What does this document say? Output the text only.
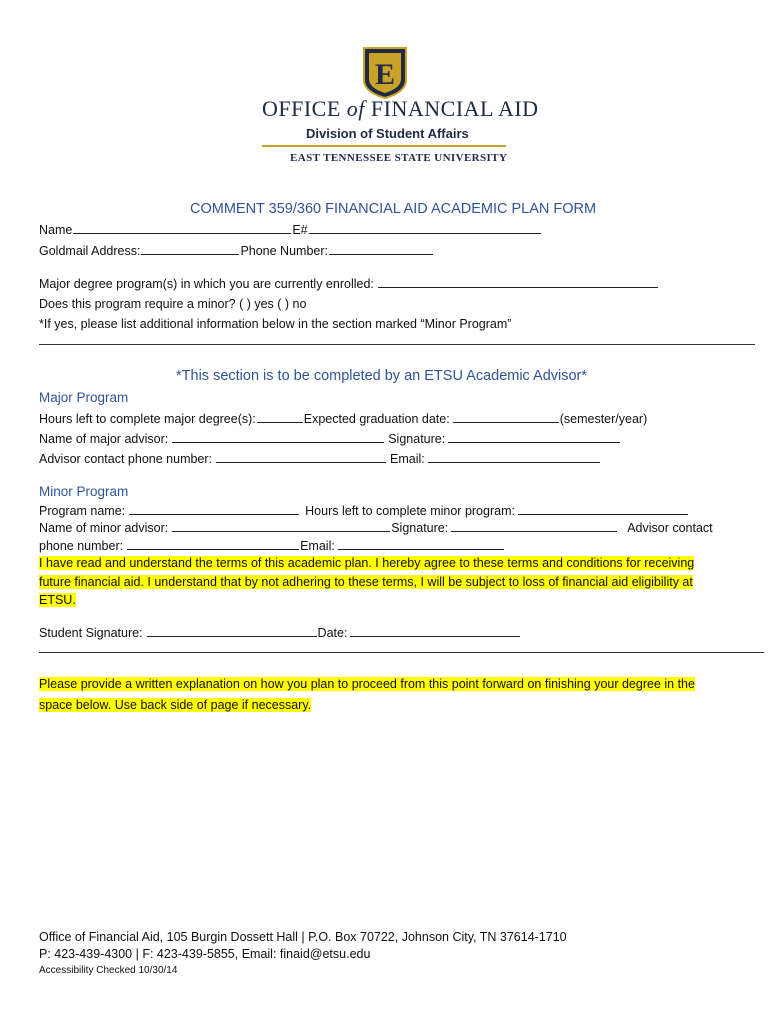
E
OFFICE of FINANCIAL AID
Division of Student Affairs
EAST TENNESSEE STATE UNIVERSITY
COMMENT 359/360 FINANCIAL AID ACADEMIC PLAN FORM
Name	E#
Goldmail Address:	Phone Number:
Major degree program(s) in which you are currently enrolled:
Does this program require a minor? ( ) yes ( ) no
*If yes, please list additional information below in the section marked “Minor Program”
*This section is to be completed by an ETSU Academic Advisor*
Major Program
Hours left to complete major degree(s):	Expected graduation date:	(semester/year)
Name of major advisor:	Signature:
Advisor contact phone number:	Email:
Minor Program
Program name:	Hours left to complete minor program:
Name of minor advisor:	Signature:	Advisor contact
phone number:	Email:
I have read and understand the terms of this academic plan. I hereby agree to these terms and conditions for receiving
future financial aid. I understand that by not adhering to these terms, I will be subject to loss of financial aid eligibility at
ETSU.
Student Signature:	Date:
Please provide a written explanation on how you plan to proceed from this point forward on finishing your degree in the
space below. Use back side of page if necessary.
Office of Financial Aid, 105 Burgin Dossett Hall | P.O. Box 70722, Johnson City, TN 37614-1710
P: 423-439-4300 | F: 423-439-5855, Email: finaid@etsu.edu
Accessibility Checked 10/30/14
